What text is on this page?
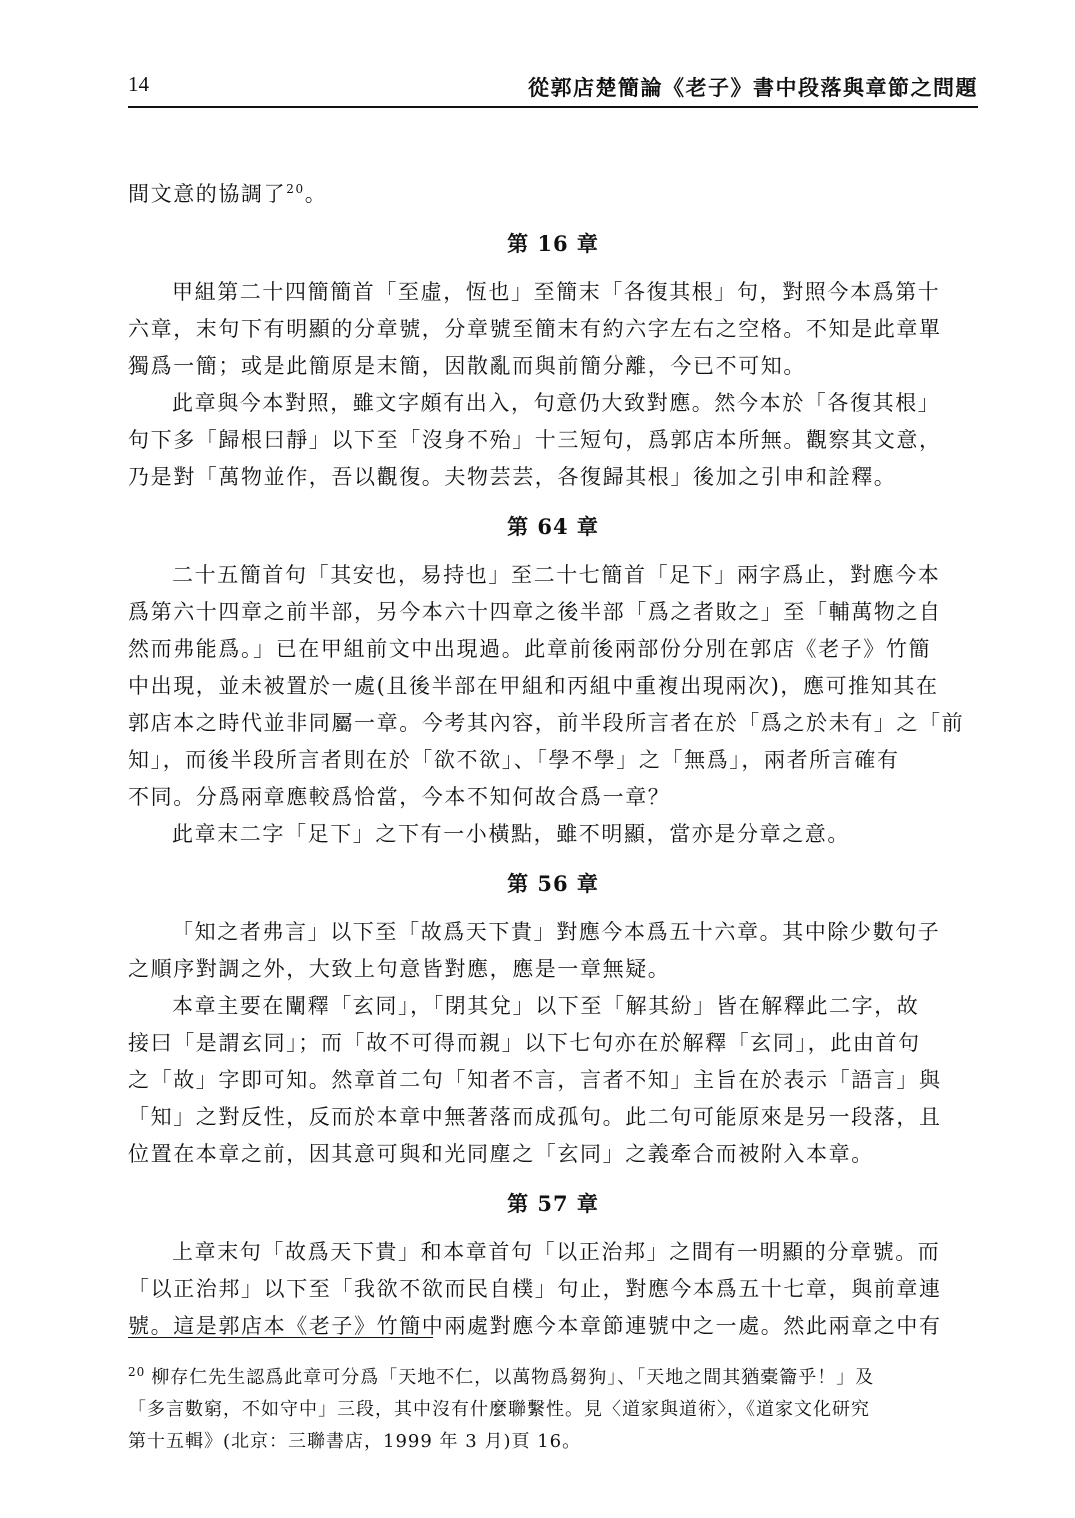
14	從郭店楚簡論《老子》書中段落與章節之問題
間文意的協調了$^{20}$。
第 16 章
甲組第二十四簡簡首「至虛，恆也」至簡末「各復其根」句，對照今本爲第十
六章，末句下有明顯的分章號，分章號至簡末有約六字左右之空格。不知是此章單
獨爲一簡；或是此簡原是末簡，因散亂而與前簡分離，今已不可知。
此章與今本對照，雖文字頗有出入，句意仍大致對應。然今本於「各復其根」
句下多「歸根曰靜」以下至「沒身不殆」十三短句，爲郭店本所無。觀察其文意，
乃是對「萬物並作，吾以觀復。夫物芸芸，各復歸其根」後加之引申和詮釋。
第 64 章
二十五簡首句「其安也，易持也」至二十七簡首「足下」兩字爲止，對應今本
爲第六十四章之前半部，另今本六十四章之後半部「爲之者敗之」至「輔萬物之自
然而弗能爲。」已在甲組前文中出現過。此章前後兩部份分別在郭店《老子》竹簡
中出現，並未被置於一處(且後半部在甲組和丙組中重複出現兩次)，應可推知其在
郭店本之時代並非同屬一章。今考其內容，前半段所言者在於「爲之於未有」之「前
知」，而後半段所言者則在於「欲不欲」、「學不學」之「無爲」，兩者所言確有
不同。分爲兩章應較爲恰當，今本不知何故合爲一章？
此章末二字「足下」之下有一小橫點，雖不明顯，當亦是分章之意。
第 56 章
「知之者弗言」以下至「故爲天下貴」對應今本爲五十六章。其中除少數句子
之順序對調之外，大致上句意皆對應，應是一章無疑。
本章主要在闡釋「玄同」，「閉其兌」以下至「解其紛」皆在解釋此二字，故
接曰「是謂玄同」；而「故不可得而親」以下七句亦在於解釋「玄同」，此由首句
之「故」字即可知。然章首二句「知者不言，言者不知」主旨在於表示「語言」與
「知」之對反性，反而於本章中無著落而成孤句。此二句可能原來是另一段落，且
位置在本章之前，因其意可與和光同塵之「玄同」之義牽合而被附入本章。
第 57 章
上章末句「故爲天下貴」和本章首句「以正治邦」之間有一明顯的分章號。而
「以正治邦」以下至「我欲不欲而民自樸」句止，對應今本爲五十七章，與前章連
號。這是郭店本《老子》竹簡中兩處對應今本章節連號中之一處。然此兩章之中有
$^{20}$ 柳存仁先生認爲此章可分爲「天地不仁，以萬物爲芻狗」、「天地之間其猶橐籥乎！」及
「多言數窮，不如守中」三段，其中沒有什麼聯繫性。見〈道家與道術〉，《道家文化研究
第十五輯》(北京：三聯書店，1999 年 3 月)頁 16。
